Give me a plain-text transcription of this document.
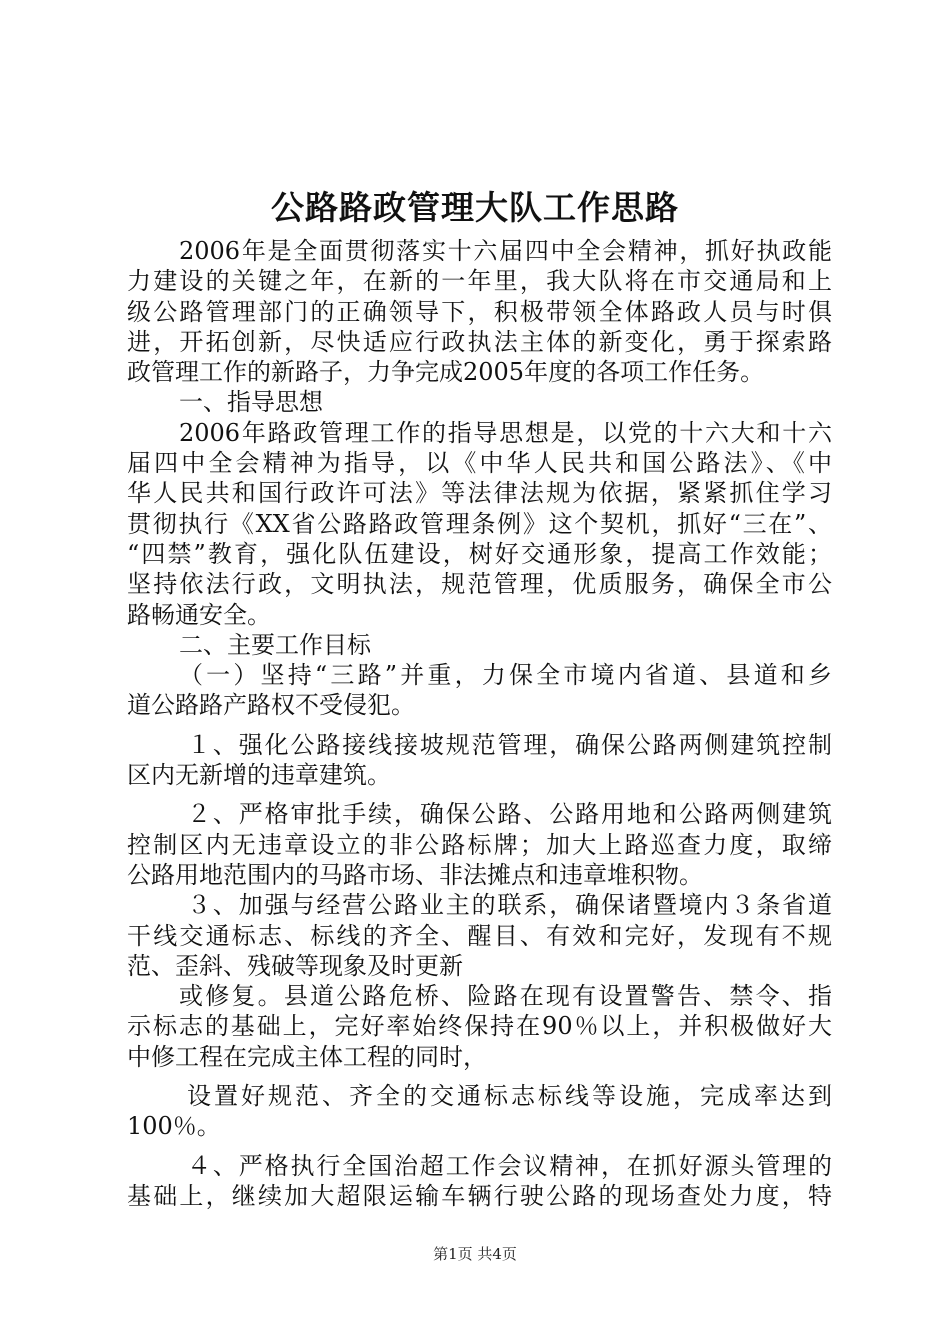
公路路政管理大队工作思路
2006年是全面贯彻落实十六届四中全会精神，抓好执政能
力建设的关键之年，在新的一年里，我大队将在市交通局和上
级公路管理部门的正确领导下，积极带领全体路政人员与时俱
进，开拓创新，尽快适应行政执法主体的新变化，勇于探索路
政管理工作的新路子，力争完成2005年度的各项工作任务。
一、指导思想
2006年路政管理工作的指导思想是，以党的十六大和十六
届四中全会精神为指导，以《中华人民共和国公路法》、《中
华人民共和国行政许可法》等法律法规为依据，紧紧抓住学习
贯彻执行《XX省公路路政管理条例》这个契机，抓好“三在”、
“四禁”教育，强化队伍建设，树好交通形象，提高工作效能；
坚持依法行政，文明执法，规范管理，优质服务，确保全市公
路畅通安全。
二、主要工作目标
（一）坚持“三路”并重，力保全市境内省道、县道和乡
道公路路产路权不受侵犯。
１、强化公路接线接坡规范管理，确保公路两侧建筑控制
区内无新增的违章建筑。
２、严格审批手续，确保公路、公路用地和公路两侧建筑
控制区内无违章设立的非公路标牌；加大上路巡查力度，取缔
公路用地范围内的马路市场、非法摊点和违章堆积物。
３、加强与经营公路业主的联系，确保诸暨境内３条省道
干线交通标志、标线的齐全、醒目、有效和完好，发现有不规
范、歪斜、残破等现象及时更新
或修复。县道公路危桥、险路在现有设置警告、禁令、指
示标志的基础上，完好率始终保持在90％以上，并积极做好大
中修工程在完成主体工程的同时，
设置好规范、齐全的交通标志标线等设施，完成率达到
100％。
４、严格执行全国治超工作会议精神，在抓好源头管理的
基础上，继续加大超限运输车辆行驶公路的现场查处力度，特
第1页 共4页
